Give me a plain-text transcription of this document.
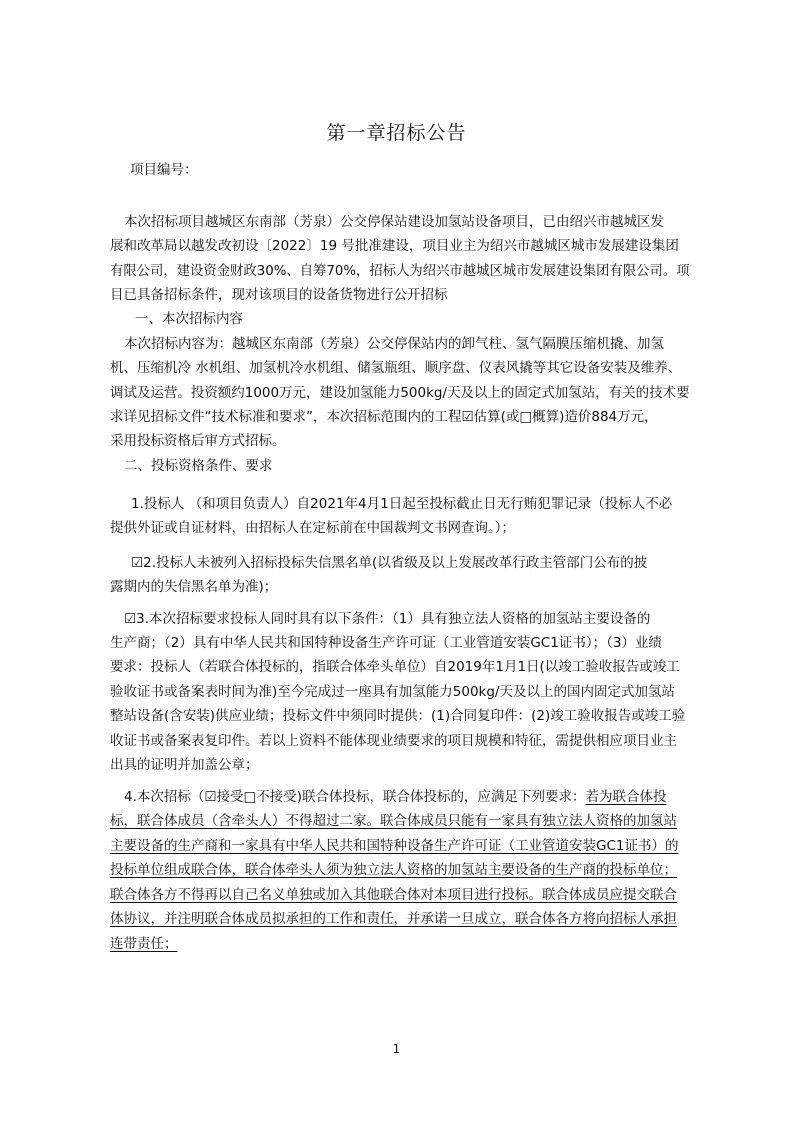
第一章招标公告
项目编号：
本次招标项目越城区东南部（芳泉）公交停保站建设加氢站设备项目，已由绍兴市越城区发
展和改革局以越发改初设〔2022〕19 号批准建设，项目业主为绍兴市越城区城市发展建设集团
有限公司，建设资金财政30%、自筹70%，招标人为绍兴市越城区城市发展建设集团有限公司。项
目已具备招标条件，现对该项目的设备货物进行公开招标
一、本次招标内容
本次招标内容为：越城区东南部（芳泉）公交停保站内的卸气柱、氢气隔膜压缩机撬、加氢
机、压缩机冷 水机组、加氢机冷水机组、储氢瓶组、顺序盘、仪表风撬等其它设备安装及维养、
调试及运营。投资额约1000万元，建设加氢能力500kg/天及以上的固定式加氢站，有关的技术要
求详见招标文件“技术标准和要求”，本次招标范围内的工程☑估算(或□概算)造价884万元，
采用投标资格后审方式招标。
二、投标资格条件、要求
1.投标人 （和项目负责人）自2021年4月1日起至投标截止日无行贿犯罪记录（投标人不必
提供外证或自证材料，由招标人在定标前在中国裁判文书网查询。）；
☑2.投标人未被列入招标投标失信黑名单(以省级及以上发展改革行政主管部门公布的披
露期内的失信黑名单为准)；
☑3.本次招标要求投标人同时具有以下条件：（1）具有独立法人资格的加氢站主要设备的
生产商；（2）具有中华人民共和国特种设备生产许可证（工业管道安装GC1证书）；（3）业绩
要求：投标人（若联合体投标的，指联合体牵头单位）自2019年1月1日(以竣工验收报告或竣工
验收证书或备案表时间为准)至今完成过一座具有加氢能力500kg/天及以上的国内固定式加氢站
整站设备(含安装)供应业绩；投标文件中须同时提供：(1)合同复印件：(2)竣工验收报告或竣工验
收证书或备案表复印件。若以上资料不能体现业绩要求的项目规模和特征，需提供相应项目业主
出具的证明并加盖公章；
4.本次招标（☑接受□不接受)联合体投标，联合体投标的，应满足下列要求：若为联合体投
标，联合体成员（含牵头人）不得超过二家。联合体成员只能有一家具有独立法人资格的加氢站
主要设备的生产商和一家具有中华人民共和国特种设备生产许可证（工业管道安装GC1证书）的
投标单位组成联合体，联合体牵头人须为独立法人资格的加氢站主要设备的生产商的投标单位；
联合体各方不得再以自己名义单独或加入其他联合体对本项目进行投标。联合体成员应提交联合
体协议，并注明联合体成员拟承担的工作和责任，并承诺一旦成立，联合体各方将向招标人承担
连带责任；
1
